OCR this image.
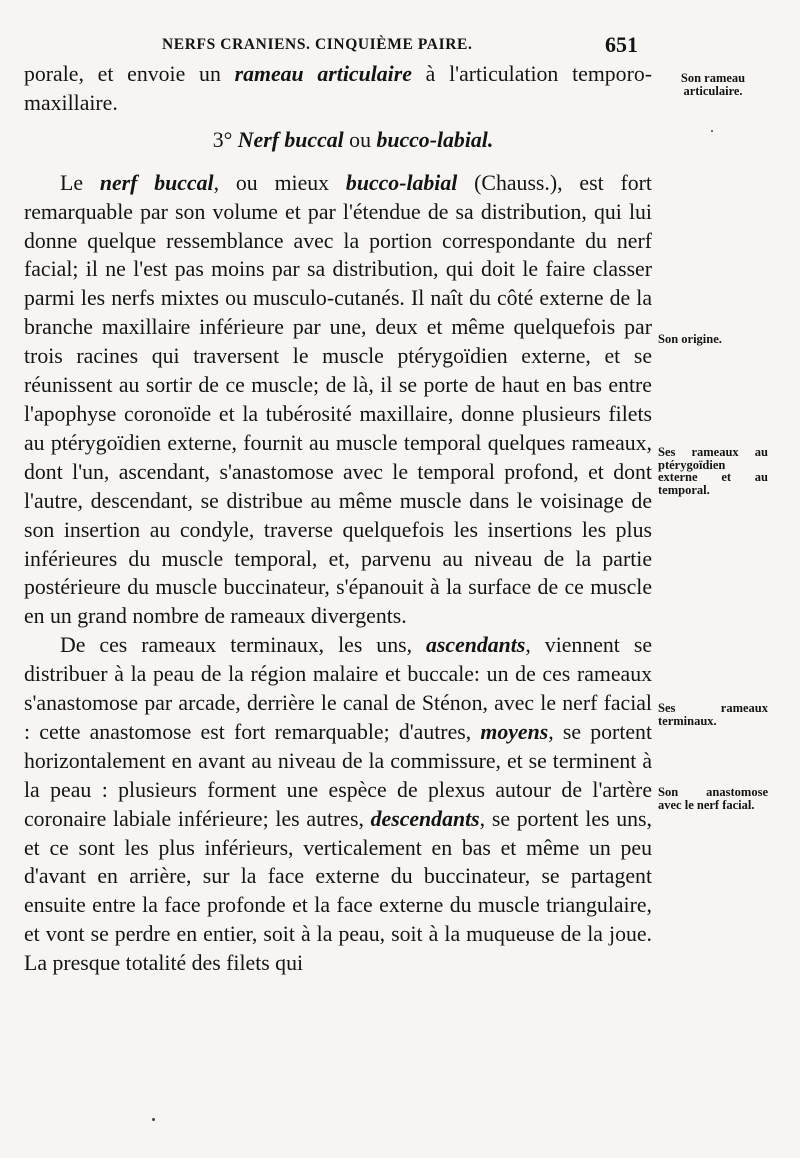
NERFS CRANIENS. CINQUIÈME PAIRE.	651

porale, et envoie un rameau articulaire à l'articulation temporo-maxillaire.

3° Nerf buccal ou bucco-labial.

Le nerf buccal, ou mieux bucco-labial (Chauss.), est fort remarquable par son volume et par l'étendue de sa distribution, qui lui donne quelque ressemblance avec la portion correspondante du nerf facial; il ne l'est pas moins par sa distribution, qui doit le faire classer parmi les nerfs mixtes ou musculo-cutanés. Il naît du côté externe de la branche maxillaire inférieure par une, deux et même quelquefois par trois racines qui traversent le muscle ptérygoïdien externe, et se réunissent au sortir de ce muscle; de là, il se porte de haut en bas entre l'apophyse coronoïde et la tubérosité maxillaire, donne plusieurs filets au ptérygoïdien externe, fournit au muscle temporal quelques rameaux, dont l'un, ascendant, s'anastomose avec le temporal profond, et dont l'autre, descendant, se distribue au même muscle dans le voisinage de son insertion au condyle, traverse quelquefois les insertions les plus inférieures du muscle temporal, et, parvenu au niveau de la partie postérieure du muscle buccinateur, s'épanouit à la surface de ce muscle en un grand nombre de rameaux divergents.

De ces rameaux terminaux, les uns, ascendants, viennent se distribuer à la peau de la région malaire et buccale: un de ces rameaux s'anastomose par arcade, derrière le canal de Sténon, avec le nerf facial : cette anastomose est fort remarquable; d'autres, moyens, se portent horizontalement en avant au niveau de la commissure, et se terminent à la peau : plusieurs forment une espèce de plexus autour de l'artère coronaire labiale inférieure; les autres, descendants, se portent les uns, et ce sont les plus inférieurs, verticalement en bas et même un peu d'avant en arrière, sur la face externe du buccinateur, se partagent ensuite entre la face profonde et la face externe du muscle triangulaire, et vont se perdre en entier, soit à la peau, soit à la muqueuse de la joue. La presque totalité des filets qui

Son rameau articulaire.
Son origine.
Ses rameaux au ptérygoïdien externe et au temporal.
Ses rameaux terminaux.
Son anastomose avec le nerf facial.
